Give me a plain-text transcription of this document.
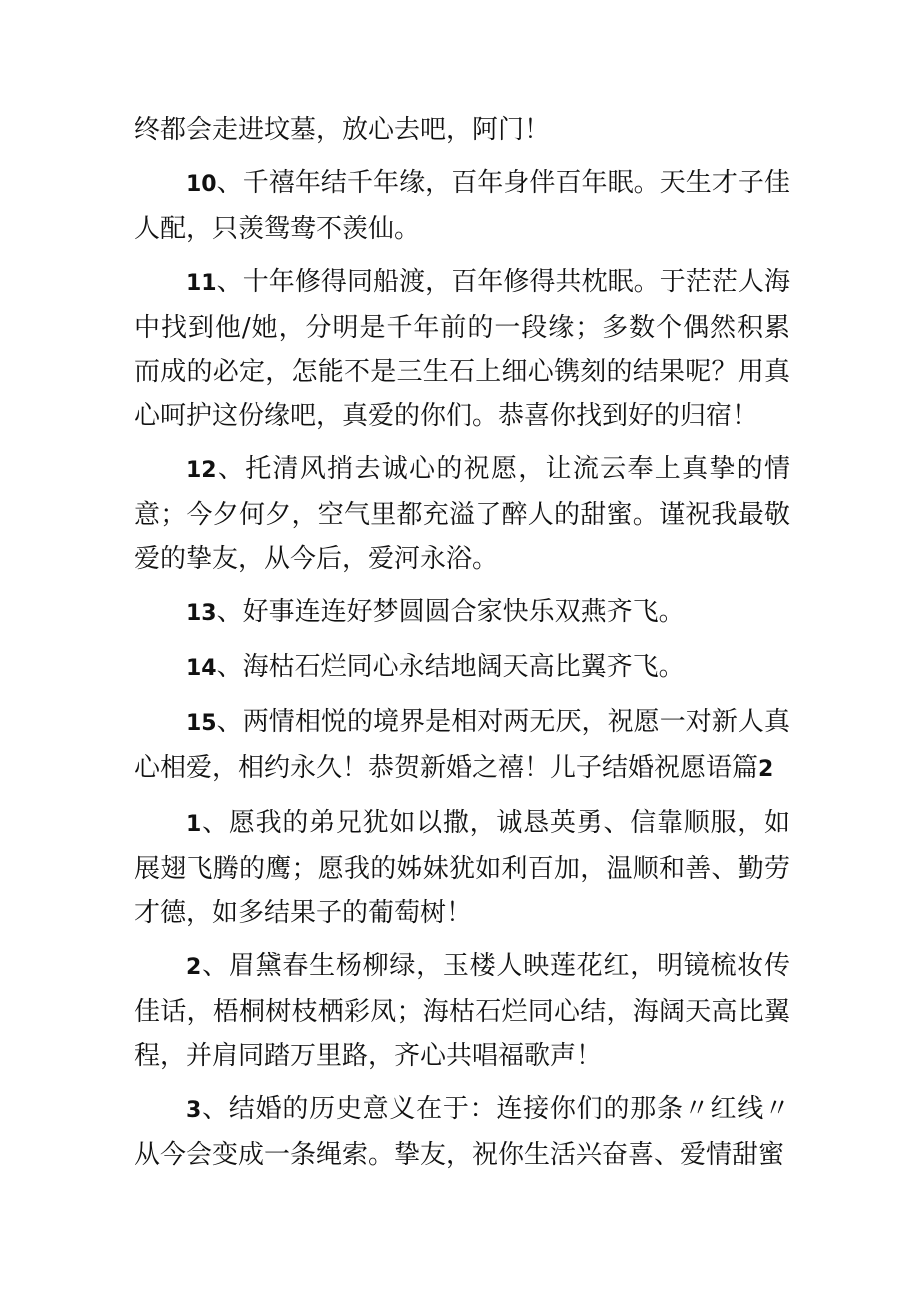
终都会走进坟墓，放心去吧，阿门！

10、千禧年结千年缘，百年身伴百年眠。天生才子佳人配，只羡鸳鸯不羡仙。

11、十年修得同船渡，百年修得共枕眠。于茫茫人海中找到他/她，分明是千年前的一段缘；多数个偶然积累而成的必定，怎能不是三生石上细心镌刻的结果呢？用真心呵护这份缘吧，真爱的你们。恭喜你找到好的归宿！

12、托清风捎去诚心的祝愿，让流云奉上真挚的情意；今夕何夕，空气里都充溢了醉人的甜蜜。谨祝我最敬爱的挚友，从今后，爱河永浴。

13、好事连连好梦圆圆合家快乐双燕齐飞。

14、海枯石烂同心永结地阔天高比翼齐飞。

15、两情相悦的境界是相对两无厌，祝愿一对新人真心相爱，相约永久！恭贺新婚之禧！儿子结婚祝愿语篇2

1、愿我的弟兄犹如以撒，诚恳英勇、信靠顺服，如展翅飞腾的鹰；愿我的姊妹犹如利百加，温顺和善、勤劳才德，如多结果子的葡萄树！

2、眉黛春生杨柳绿，玉楼人映莲花红，明镜梳妆传佳话，梧桐树枝栖彩凤；海枯石烂同心结，海阔天高比翼程，并肩同踏万里路，齐心共唱福歌声！

3、结婚的历史意义在于：连接你们的那条〃红线〃从今会变成一条绳索。挚友，祝你生活兴奋喜、爱情甜蜜
